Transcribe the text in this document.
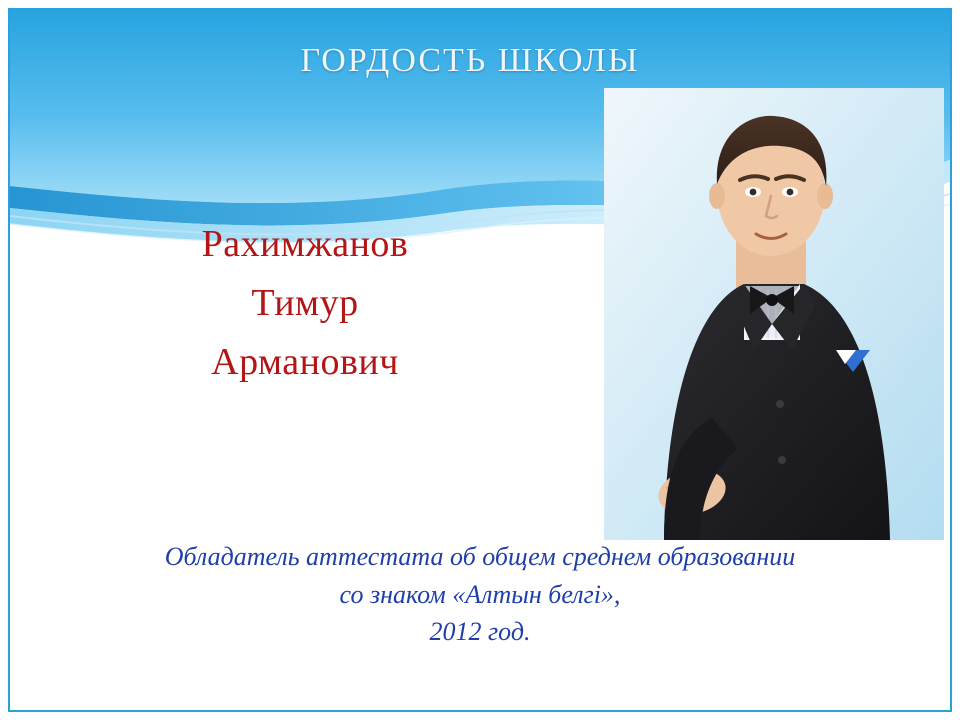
ГОРДОСТЬ ШКОЛЫ
Рахимжанов
Тимур
Арманович
Обладатель аттестата об общем среднем образовании
со знаком «Алтын белгі»,
2012 год.
